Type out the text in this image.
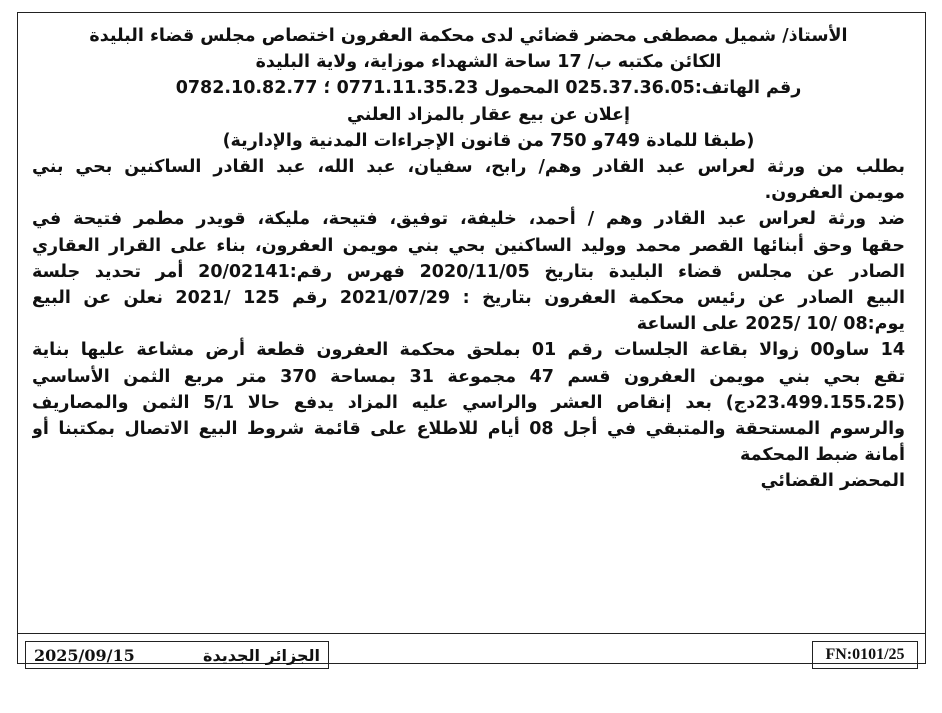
الأستاذ/ شميل مصطفى محضر قضائي لدى محكمة العفرون اختصاص مجلس قضاء البليدة
الكائن مكتبه ب/ 17 ساحة الشهداء موزاية، ولاية البليدة
رقم الهاتف:025.37.36.05 المحمول 0771.11.35.23 ؛ 0782.10.82.77
إعلان عن بيع عقار بالمزاد العلني
(طبقا للمادة 749و 750 من قانون الإجراءات المدنية والإدارية)
بطلب من ورثة لعراس عبد القادر وهم/ رابح، سفيان، عبد الله، عبد القادر الساكنين بحي بني
مويمن العفرون.
ضد ورثة لعراس عبد القادر وهم / أحمد، خليفة، توفيق، فتيحة، مليكة، قويدر مطمر فتيحة في
حقها وحق أبنائها القصر محمد ووليد الساكنين بحي بني مويمن العفرون، بناء على القرار العقاري
الصادر عن مجلس قضاء البليدة بتاريخ 2020/11/05 فهرس رقم:20/02141 أمر تحديد جلسة
البيع الصادر عن رئيس محكمة العفرون بتاريخ : 2021/07/29 رقم 125 /2021 نعلن عن البيع
يوم:08 /10 /2025 على الساعة
14 ساو00 زوالا بقاعة الجلسات رقم 01 بملحق محكمة العفرون قطعة أرض مشاعة عليها بناية
تقع بحي بني مويمن العفرون قسم 47 مجموعة 31 بمساحة 370 متر مربع الثمن الأساسي
(23.499.155.25دج) بعد إنقاص العشر والراسي عليه المزاد يدفع حالا 5/1 الثمن والمصاريف
والرسوم المستحقة والمتبقي في أجل 08 أيام للاطلاع على قائمة شروط البيع الاتصال بمكتبنا أو
أمانة ضبط المحكمة
المحضر القضائي
2025/09/15	الجزائر الجديدة	FN:0101/25
